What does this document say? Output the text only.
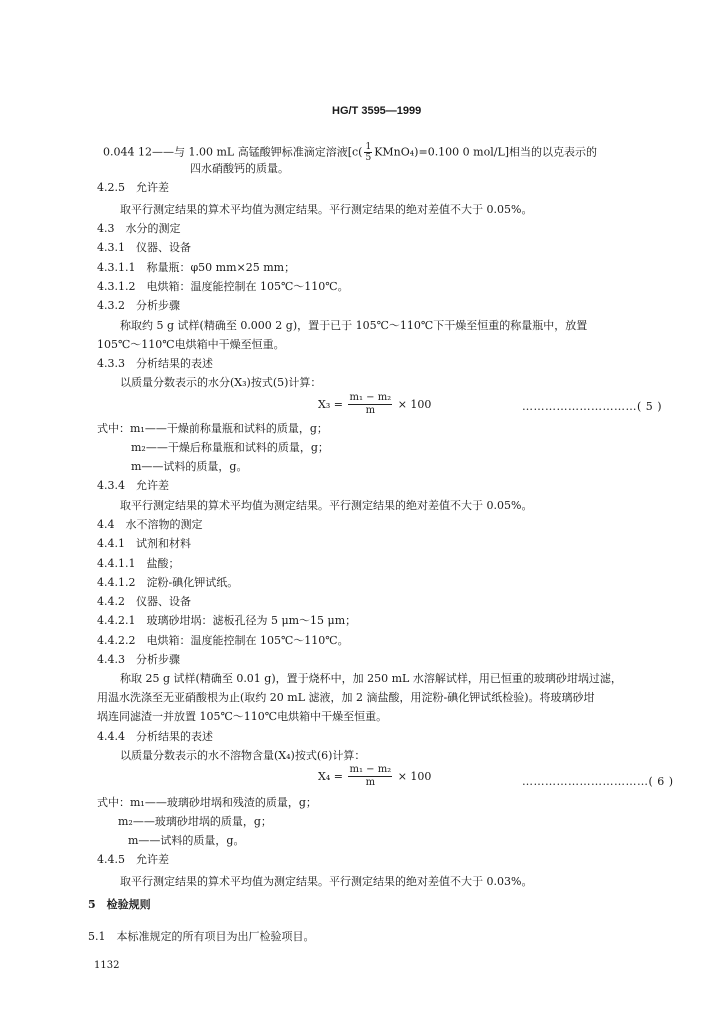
HG/T 3595—1999
0.044 12——与 1.00 mL 高锰酸钾标准滴定溶液[$c( \frac{1}{5}$ KMnO₄)=0.100 0 mol/L]相当的以克表示的
四水硝酸钙的质量。
4.2.5　允许差
取平行测定结果的算术平均值为测定结果。平行测定结果的绝对差值不大于 0.05%。
4.3　水分的测定
4.3.1　仪器、设备
4.3.1.1　称量瓶：φ50 mm×25 mm；
4.3.1.2　电烘箱：温度能控制在 105℃～110℃。
4.3.2　分析步骤
称取约 5 g 试样(精确至 0.000 2 g)，置于已于 105℃～110℃下干燥至恒重的称量瓶中，放置
105℃～110℃电烘箱中干燥至恒重。
4.3.3　分析结果的表述
以质量分数表示的水分(X₃)按式(5)计算：
$X_3 = \frac{\text{m₁ − m₂}}{m} \times 100$	…………………………( 5 )
式中：m₁——干燥前称量瓶和试料的质量，g；
m₂——干燥后称量瓶和试料的质量，g；
m——试料的质量，g。
4.3.4　允许差
取平行测定结果的算术平均值为测定结果。平行测定结果的绝对差值不大于 0.05%。
4.4　水不溶物的测定
4.4.1　试剂和材料
4.4.1.1　盐酸；
4.4.1.2　淀粉-碘化钾试纸。
4.4.2　仪器、设备
4.4.2.1　玻璃砂坩埚：滤板孔径为 5 μm～15 μm；
4.4.2.2　电烘箱：温度能控制在 105℃～110℃。
4.4.3　分析步骤
称取 25 g 试样(精确至 0.01 g)，置于烧杯中，加 250 mL 水溶解试样，用已恒重的玻璃砂坩埚过滤，
用温水洗涤至无亚硝酸根为止(取约 20 mL 滤液，加 2 滴盐酸，用淀粉-碘化钾试纸检验)。将玻璃砂坩
埚连同滤渣一并放置 105℃～110℃电烘箱中干燥至恒重。
4.4.4　分析结果的表述
以质量分数表示的水不溶物含量(X₄)按式(6)计算：
$X_4 = \frac{\text{m₁ − m₂}}{m} \times 100$	……………………………( 6 )
式中：m₁——玻璃砂坩埚和残渣的质量，g；
m₂——玻璃砂坩埚的质量，g；
m——试料的质量，g。
4.4.5　允许差
取平行测定结果的算术平均值为测定结果。平行测定结果的绝对差值不大于 0.03%。
5　检验规则
5.1　本标准规定的所有项目为出厂检验项目。
1132
